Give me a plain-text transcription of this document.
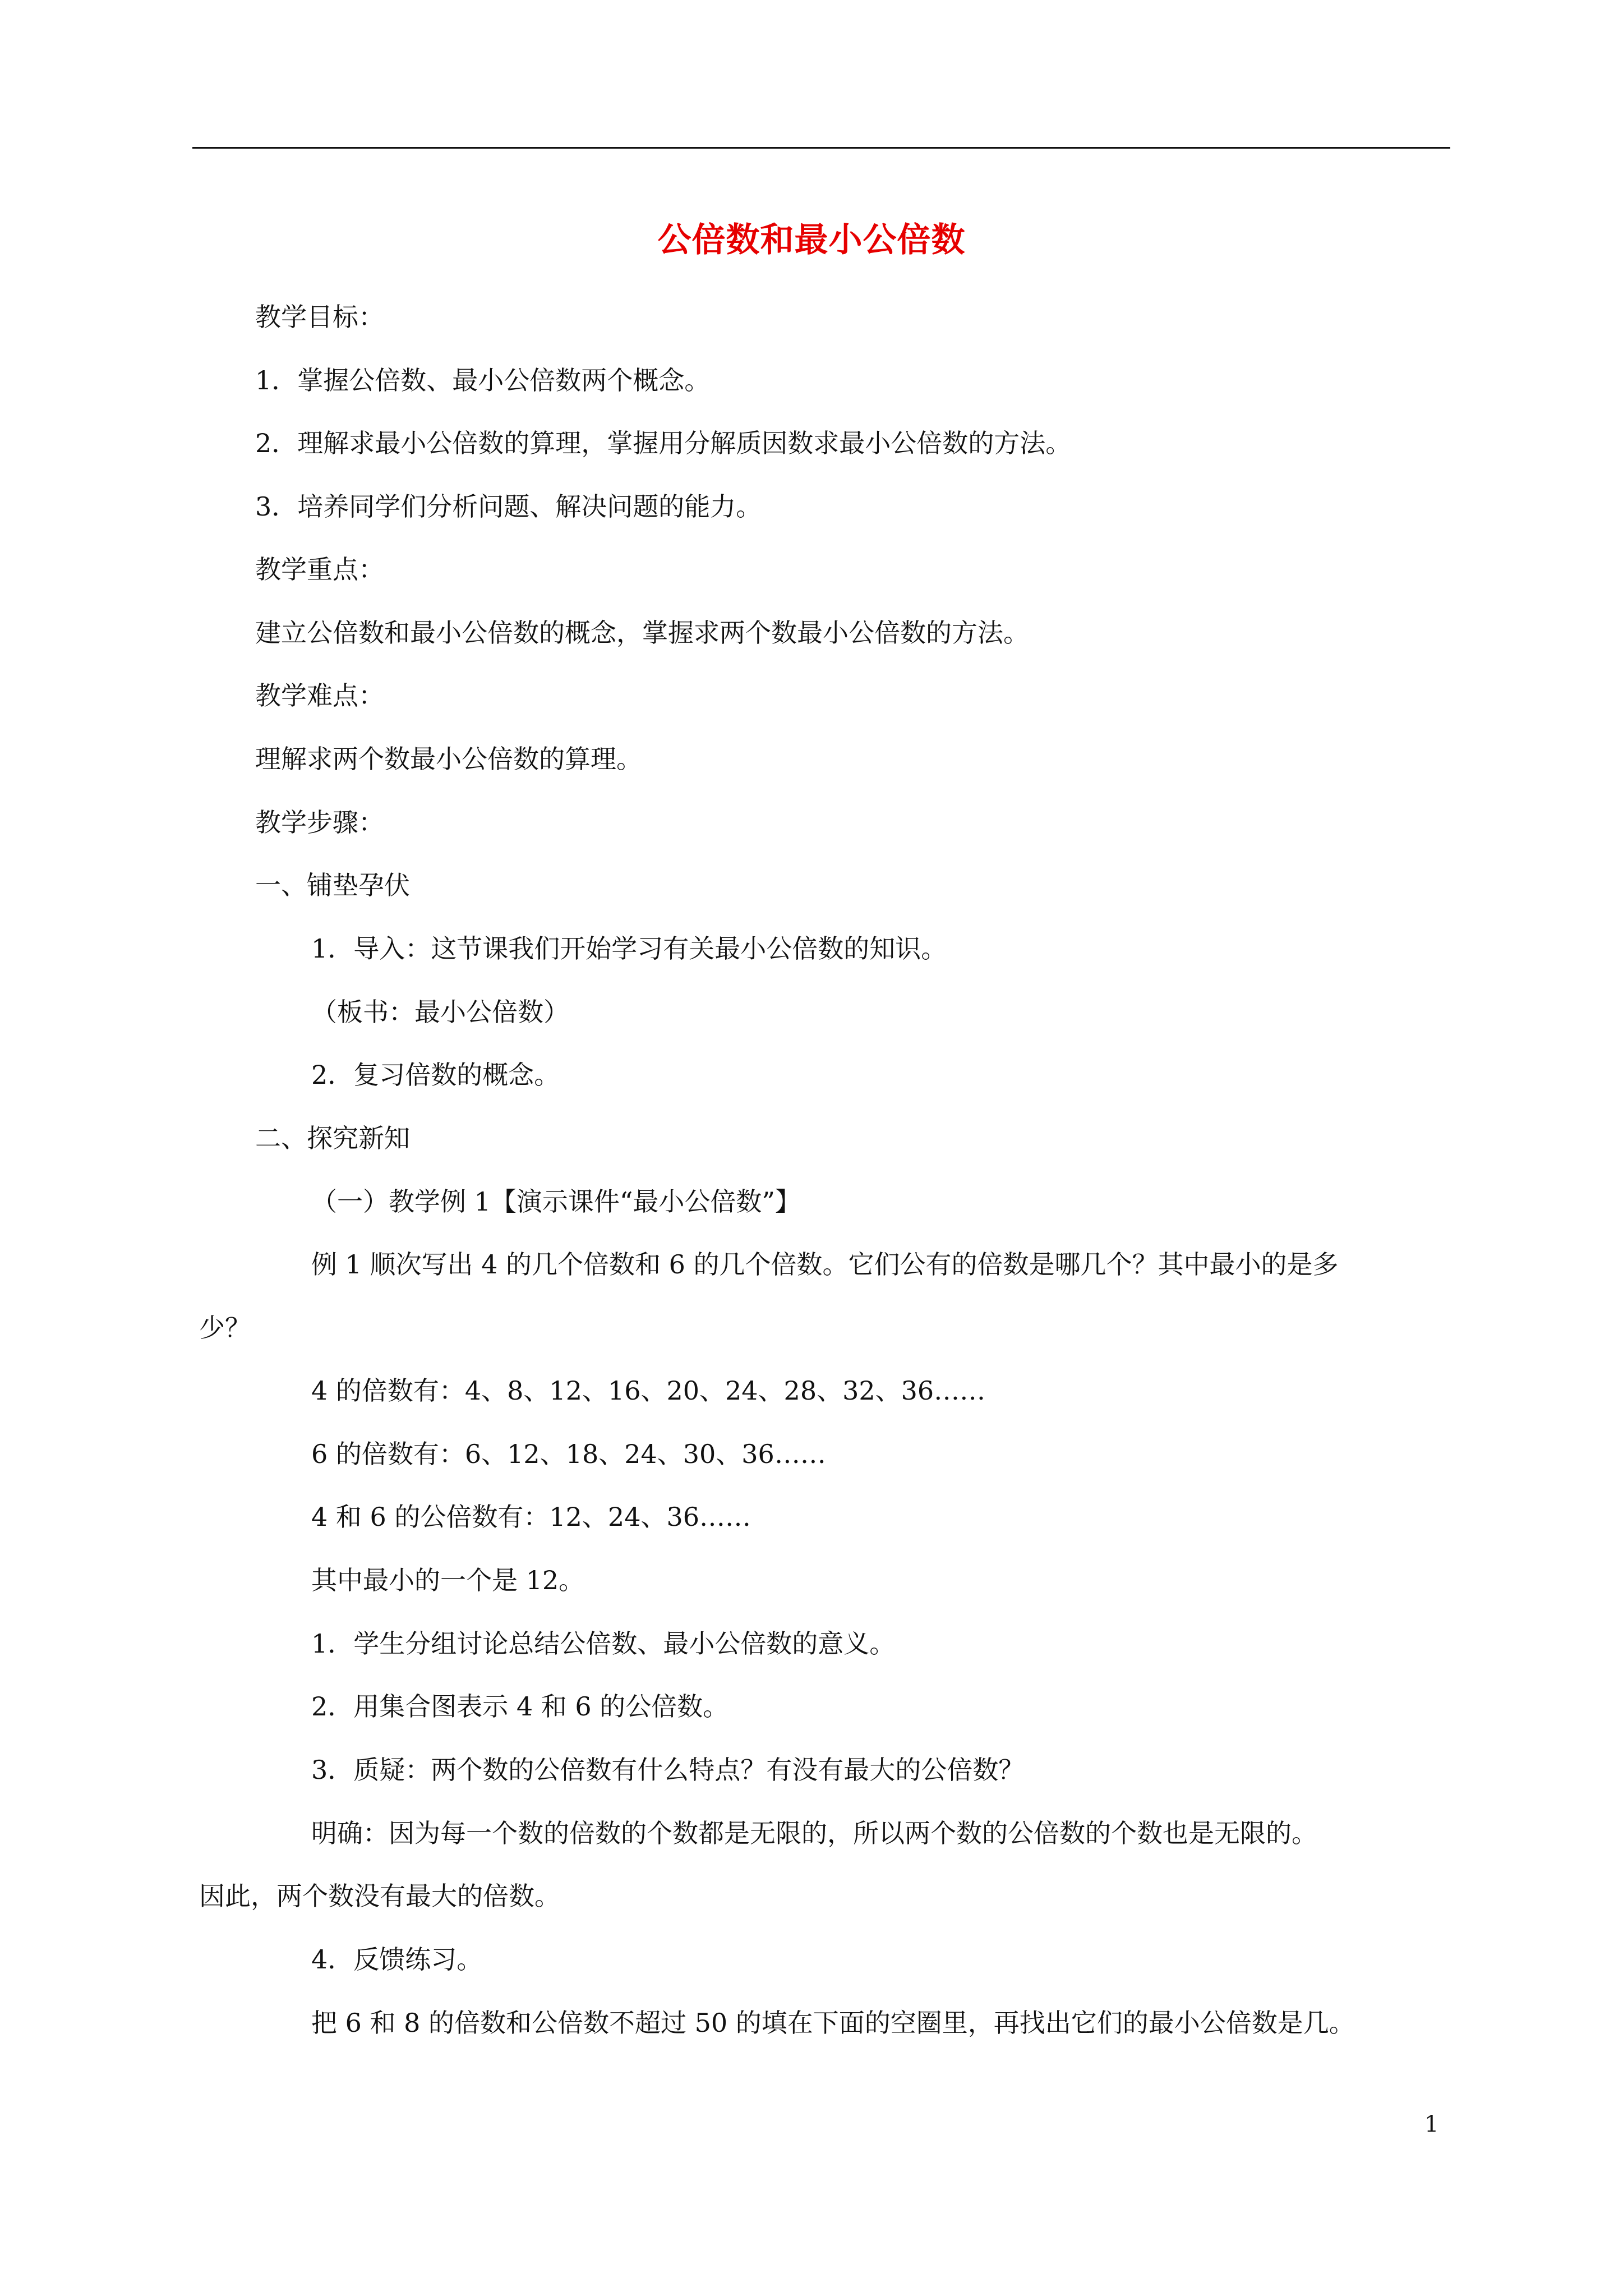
公倍数和最小公倍数
教学目标：
1．掌握公倍数、最小公倍数两个概念。
2．理解求最小公倍数的算理，掌握用分解质因数求最小公倍数的方法。
3．培养同学们分析问题、解决问题的能力。
教学重点：
建立公倍数和最小公倍数的概念，掌握求两个数最小公倍数的方法。
教学难点：
理解求两个数最小公倍数的算理。
教学步骤：
一、铺垫孕伏
1．导入：这节课我们开始学习有关最小公倍数的知识。
（板书：最小公倍数）
2．复习倍数的概念。
二、探究新知
（一）教学例 1【演示课件“最小公倍数”】
例 1 顺次写出 4 的几个倍数和 6 的几个倍数。它们公有的倍数是哪几个？其中最小的是多
少？
4 的倍数有：4、8、12、16、20、24、28、32、36……
6 的倍数有：6、12、18、24、30、36……
4 和 6 的公倍数有：12、24、36……
其中最小的一个是 12。
1．学生分组讨论总结公倍数、最小公倍数的意义。
2．用集合图表示 4 和 6 的公倍数。
3．质疑：两个数的公倍数有什么特点？有没有最大的公倍数？
明确：因为每一个数的倍数的个数都是无限的，所以两个数的公倍数的个数也是无限的。
因此，两个数没有最大的倍数。
4．反馈练习。
把 6 和 8 的倍数和公倍数不超过 50 的填在下面的空圈里，再找出它们的最小公倍数是几。
1
